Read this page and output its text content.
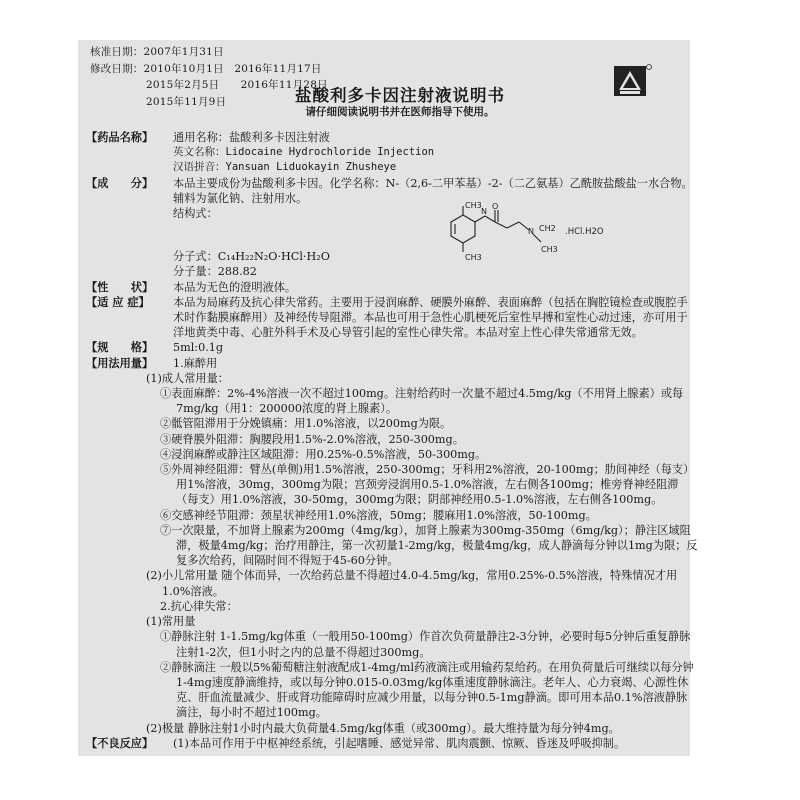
核准日期：2007年1月31日
修改日期：2010年10月1日 2016年11月17日
2015年2月5日 2016年11月28日
2015年11月9日	盐酸利多卡因注射液说明书
请仔细阅读说明书并在医师指导下使用。
【药品名称】	通用名称：盐酸利多卡因注射液

英文名称：Lidocaine Hydrochloride Injection

汉语拼音：Yansuan Liduokayin Zhusheye

【成　　分】	本品主要成份为盐酸利多卡因。化学名称：N-（2,6-二甲苯基）-2-（二乙氨基）乙酰胺盐酸盐一水合物。辅料为氯化钠、注射用水。

结构式：

分子式：C₁₄H₂₂N₂O·HCl·H₂O

分子量：288.82

【性　　状】	本品为无色的澄明液体。

【适 应 症】	本品为局麻药及抗心律失常药。主要用于浸润麻醉、硬膜外麻醉、表面麻醉（包括在胸腔镜检查或腹腔手术时作黏膜麻醉用）及神经传导阻滞。本品也可用于急性心肌梗死后室性早搏和室性心动过速，亦可用于洋地黄类中毒、心脏外科手术及心导管引起的室性心律失常。本品对室上性心律失常通常无效。

【规　　格】	5ml:0.1g

【用法用量】	1.麻醉用

(1)成人常用量：

①表面麻醉：2%-4%溶液一次不超过100mg。注射给药时一次量不超过4.5mg/kg（不用肾上腺素）或每7mg/kg（用1：200000浓度的肾上腺素）。

②骶管阻滞用于分娩镇痛：用1.0%溶液，以200mg为限。

③硬脊膜外阻滞：胸腰段用1.5%-2.0%溶液，250-300mg。

④浸润麻醉或静注区域阻滞：用0.25%-0.5%溶液，50-300mg。

⑤外周神经阻滞：臂丛(单侧)用1.5%溶液，250-300mg；牙科用2%溶液，20-100mg；肋间神经（每支）用1%溶液，30mg，300mg为限；宫颈旁浸润用0.5-1.0%溶液，左右侧各100mg；椎旁脊神经阻滞（每支）用1.0%溶液，30-50mg，300mg为限；阴部神经用0.5-1.0%溶液，左右侧各100mg。

⑥交感神经节阻滞：颈星状神经用1.0%溶液，50mg；腰麻用1.0%溶液，50-100mg。

⑦一次限量，不加肾上腺素为200mg（4mg/kg），加肾上腺素为300mg-350mg（6mg/kg）；静注区域阻滞，极量4mg/kg；治疗用静注，第一次初量1-2mg/kg，极量4mg/kg，成人静滴每分钟以1mg为限；反复多次给药，间隔时间不得短于45-60分钟。

(2)小儿常用量 随个体而异，一次给药总量不得超过4.0-4.5mg/kg，常用0.25%-0.5%溶液，特殊情况才用1.0%溶液。

2.抗心律失常：

(1)常用量

①静脉注射 1-1.5mg/kg体重（一般用50-100mg）作首次负荷量静注2-3分钟，必要时每5分钟后重复静脉注射1-2次，但1小时之内的总量不得超过300mg。

②静脉滴注 一般以5%葡萄糖注射液配成1-4mg/ml药液滴注或用输药泵给药。在用负荷量后可继续以每分钟1-4mg速度静滴维持，或以每分钟0.015-0.03mg/kg体重速度静脉滴注。老年人、心力衰竭、心源性休克、肝血流量减少、肝或肾功能障碍时应减少用量，以每分钟0.5-1mg静滴。即可用本品0.1%溶液静脉滴注，每小时不超过100mg。

(2)极量 静脉注射1小时内最大负荷量4.5mg/kg体重（或300mg）。最大维持量为每分钟4mg。

【不良反应】	(1)本品可作用于中枢神经系统，引起嗜睡、感觉异常、肌肉震颤、惊厥、昏迷及呼吸抑制。

CH3
CH3
N
O
N CH2 .HCl.H2O
CH3
